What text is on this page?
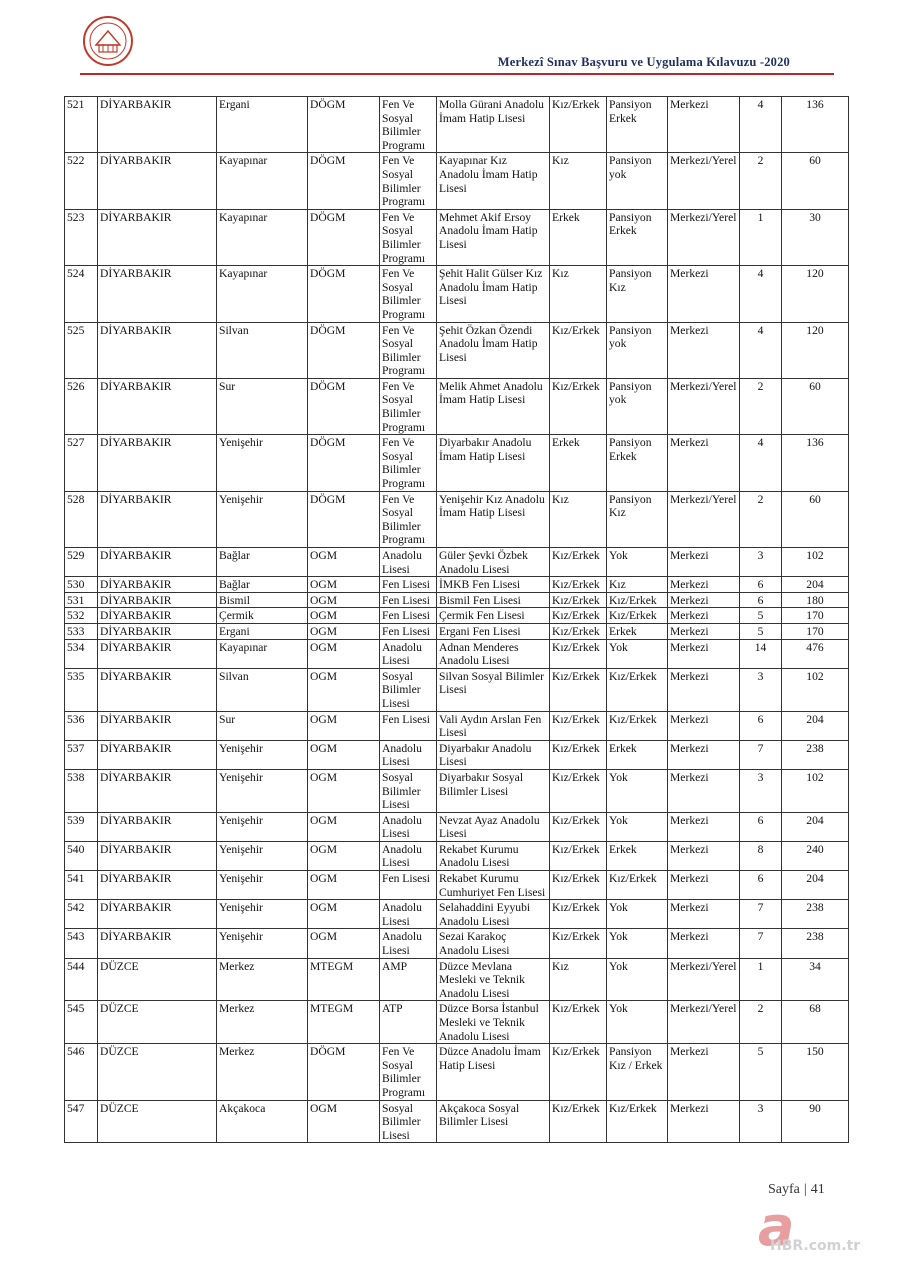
Merkezî Sınav Başvuru ve Uygulama Kılavuzu -2020
521	DİYARBAKIR	Ergani	DÖGM	Fen Ve Sosyal Bilimler Programı	Molla Gürani Anadolu İmam Hatip Lisesi	Kız/Erkek	Pansiyon Erkek	Merkezi	4	136
522	DİYARBAKIR	Kayapınar	DÖGM	Fen Ve Sosyal Bilimler Programı	Kayapınar Kız Anadolu İmam Hatip Lisesi	Kız	Pansiyon yok	Merkezi/Yerel	2	60
523	DİYARBAKIR	Kayapınar	DÖGM	Fen Ve Sosyal Bilimler Programı	Mehmet Akif Ersoy Anadolu İmam Hatip Lisesi	Erkek	Pansiyon Erkek	Merkezi/Yerel	1	30
524	DİYARBAKIR	Kayapınar	DÖGM	Fen Ve Sosyal Bilimler Programı	Şehit Halit Gülser Kız Anadolu İmam Hatip Lisesi	Kız	Pansiyon Kız	Merkezi	4	120
525	DİYARBAKIR	Silvan	DÖGM	Fen Ve Sosyal Bilimler Programı	Şehit Özkan Özendi Anadolu İmam Hatip Lisesi	Kız/Erkek	Pansiyon yok	Merkezi	4	120
526	DİYARBAKIR	Sur	DÖGM	Fen Ve Sosyal Bilimler Programı	Melik Ahmet Anadolu İmam Hatip Lisesi	Kız/Erkek	Pansiyon yok	Merkezi/Yerel	2	60
527	DİYARBAKIR	Yenişehir	DÖGM	Fen Ve Sosyal Bilimler Programı	Diyarbakır Anadolu İmam Hatip Lisesi	Erkek	Pansiyon Erkek	Merkezi	4	136
528	DİYARBAKIR	Yenişehir	DÖGM	Fen Ve Sosyal Bilimler Programı	Yenişehir Kız Anadolu İmam Hatip Lisesi	Kız	Pansiyon Kız	Merkezi/Yerel	2	60
529	DİYARBAKIR	Bağlar	OGM	Anadolu Lisesi	Güler Şevki Özbek Anadolu Lisesi	Kız/Erkek	Yok	Merkezi	3	102
530	DİYARBAKIR	Bağlar	OGM	Fen Lisesi	İMKB Fen Lisesi	Kız/Erkek	Kız	Merkezi	6	204
531	DİYARBAKIR	Bismil	OGM	Fen Lisesi	Bismil Fen Lisesi	Kız/Erkek	Kız/Erkek	Merkezi	6	180
532	DİYARBAKIR	Çermik	OGM	Fen Lisesi	Çermik Fen Lisesi	Kız/Erkek	Kız/Erkek	Merkezi	5	170
533	DİYARBAKIR	Ergani	OGM	Fen Lisesi	Ergani Fen Lisesi	Kız/Erkek	Erkek	Merkezi	5	170
534	DİYARBAKIR	Kayapınar	OGM	Anadolu Lisesi	Adnan Menderes Anadolu Lisesi	Kız/Erkek	Yok	Merkezi	14	476
535	DİYARBAKIR	Silvan	OGM	Sosyal Bilimler Lisesi	Silvan Sosyal Bilimler Lisesi	Kız/Erkek	Kız/Erkek	Merkezi	3	102
536	DİYARBAKIR	Sur	OGM	Fen Lisesi	Vali Aydın Arslan Fen Lisesi	Kız/Erkek	Kız/Erkek	Merkezi	6	204
537	DİYARBAKIR	Yenişehir	OGM	Anadolu Lisesi	Diyarbakır Anadolu Lisesi	Kız/Erkek	Erkek	Merkezi	7	238
538	DİYARBAKIR	Yenişehir	OGM	Sosyal Bilimler Lisesi	Diyarbakır Sosyal Bilimler Lisesi	Kız/Erkek	Yok	Merkezi	3	102
539	DİYARBAKIR	Yenişehir	OGM	Anadolu Lisesi	Nevzat Ayaz Anadolu Lisesi	Kız/Erkek	Yok	Merkezi	6	204
540	DİYARBAKIR	Yenişehir	OGM	Anadolu Lisesi	Rekabet Kurumu Anadolu Lisesi	Kız/Erkek	Erkek	Merkezi	8	240
541	DİYARBAKIR	Yenişehir	OGM	Fen Lisesi	Rekabet Kurumu Cumhuriyet Fen Lisesi	Kız/Erkek	Kız/Erkek	Merkezi	6	204
542	DİYARBAKIR	Yenişehir	OGM	Anadolu Lisesi	Selahaddini Eyyubi Anadolu Lisesi	Kız/Erkek	Yok	Merkezi	7	238
543	DİYARBAKIR	Yenişehir	OGM	Anadolu Lisesi	Sezai Karakoç Anadolu Lisesi	Kız/Erkek	Yok	Merkezi	7	238
544	DÜZCE	Merkez	MTEGM	AMP	Düzce Mevlana Mesleki ve Teknik Anadolu Lisesi	Kız	Yok	Merkezi/Yerel	1	34
545	DÜZCE	Merkez	MTEGM	ATP	Düzce Borsa İstanbul Mesleki ve Teknik Anadolu Lisesi	Kız/Erkek	Yok	Merkezi/Yerel	2	68
546	DÜZCE	Merkez	DÖGM	Fen Ve Sosyal Bilimler Programı	Düzce Anadolu İmam Hatip Lisesi	Kız/Erkek	Pansiyon Kız / Erkek	Merkezi	5	150
547	DÜZCE	Akçakoca	OGM	Sosyal Bilimler Lisesi	Akçakoca Sosyal Bilimler Lisesi	Kız/Erkek	Kız/Erkek	Merkezi	3	90
Sayfa | 41
a
HBR.com.tr
